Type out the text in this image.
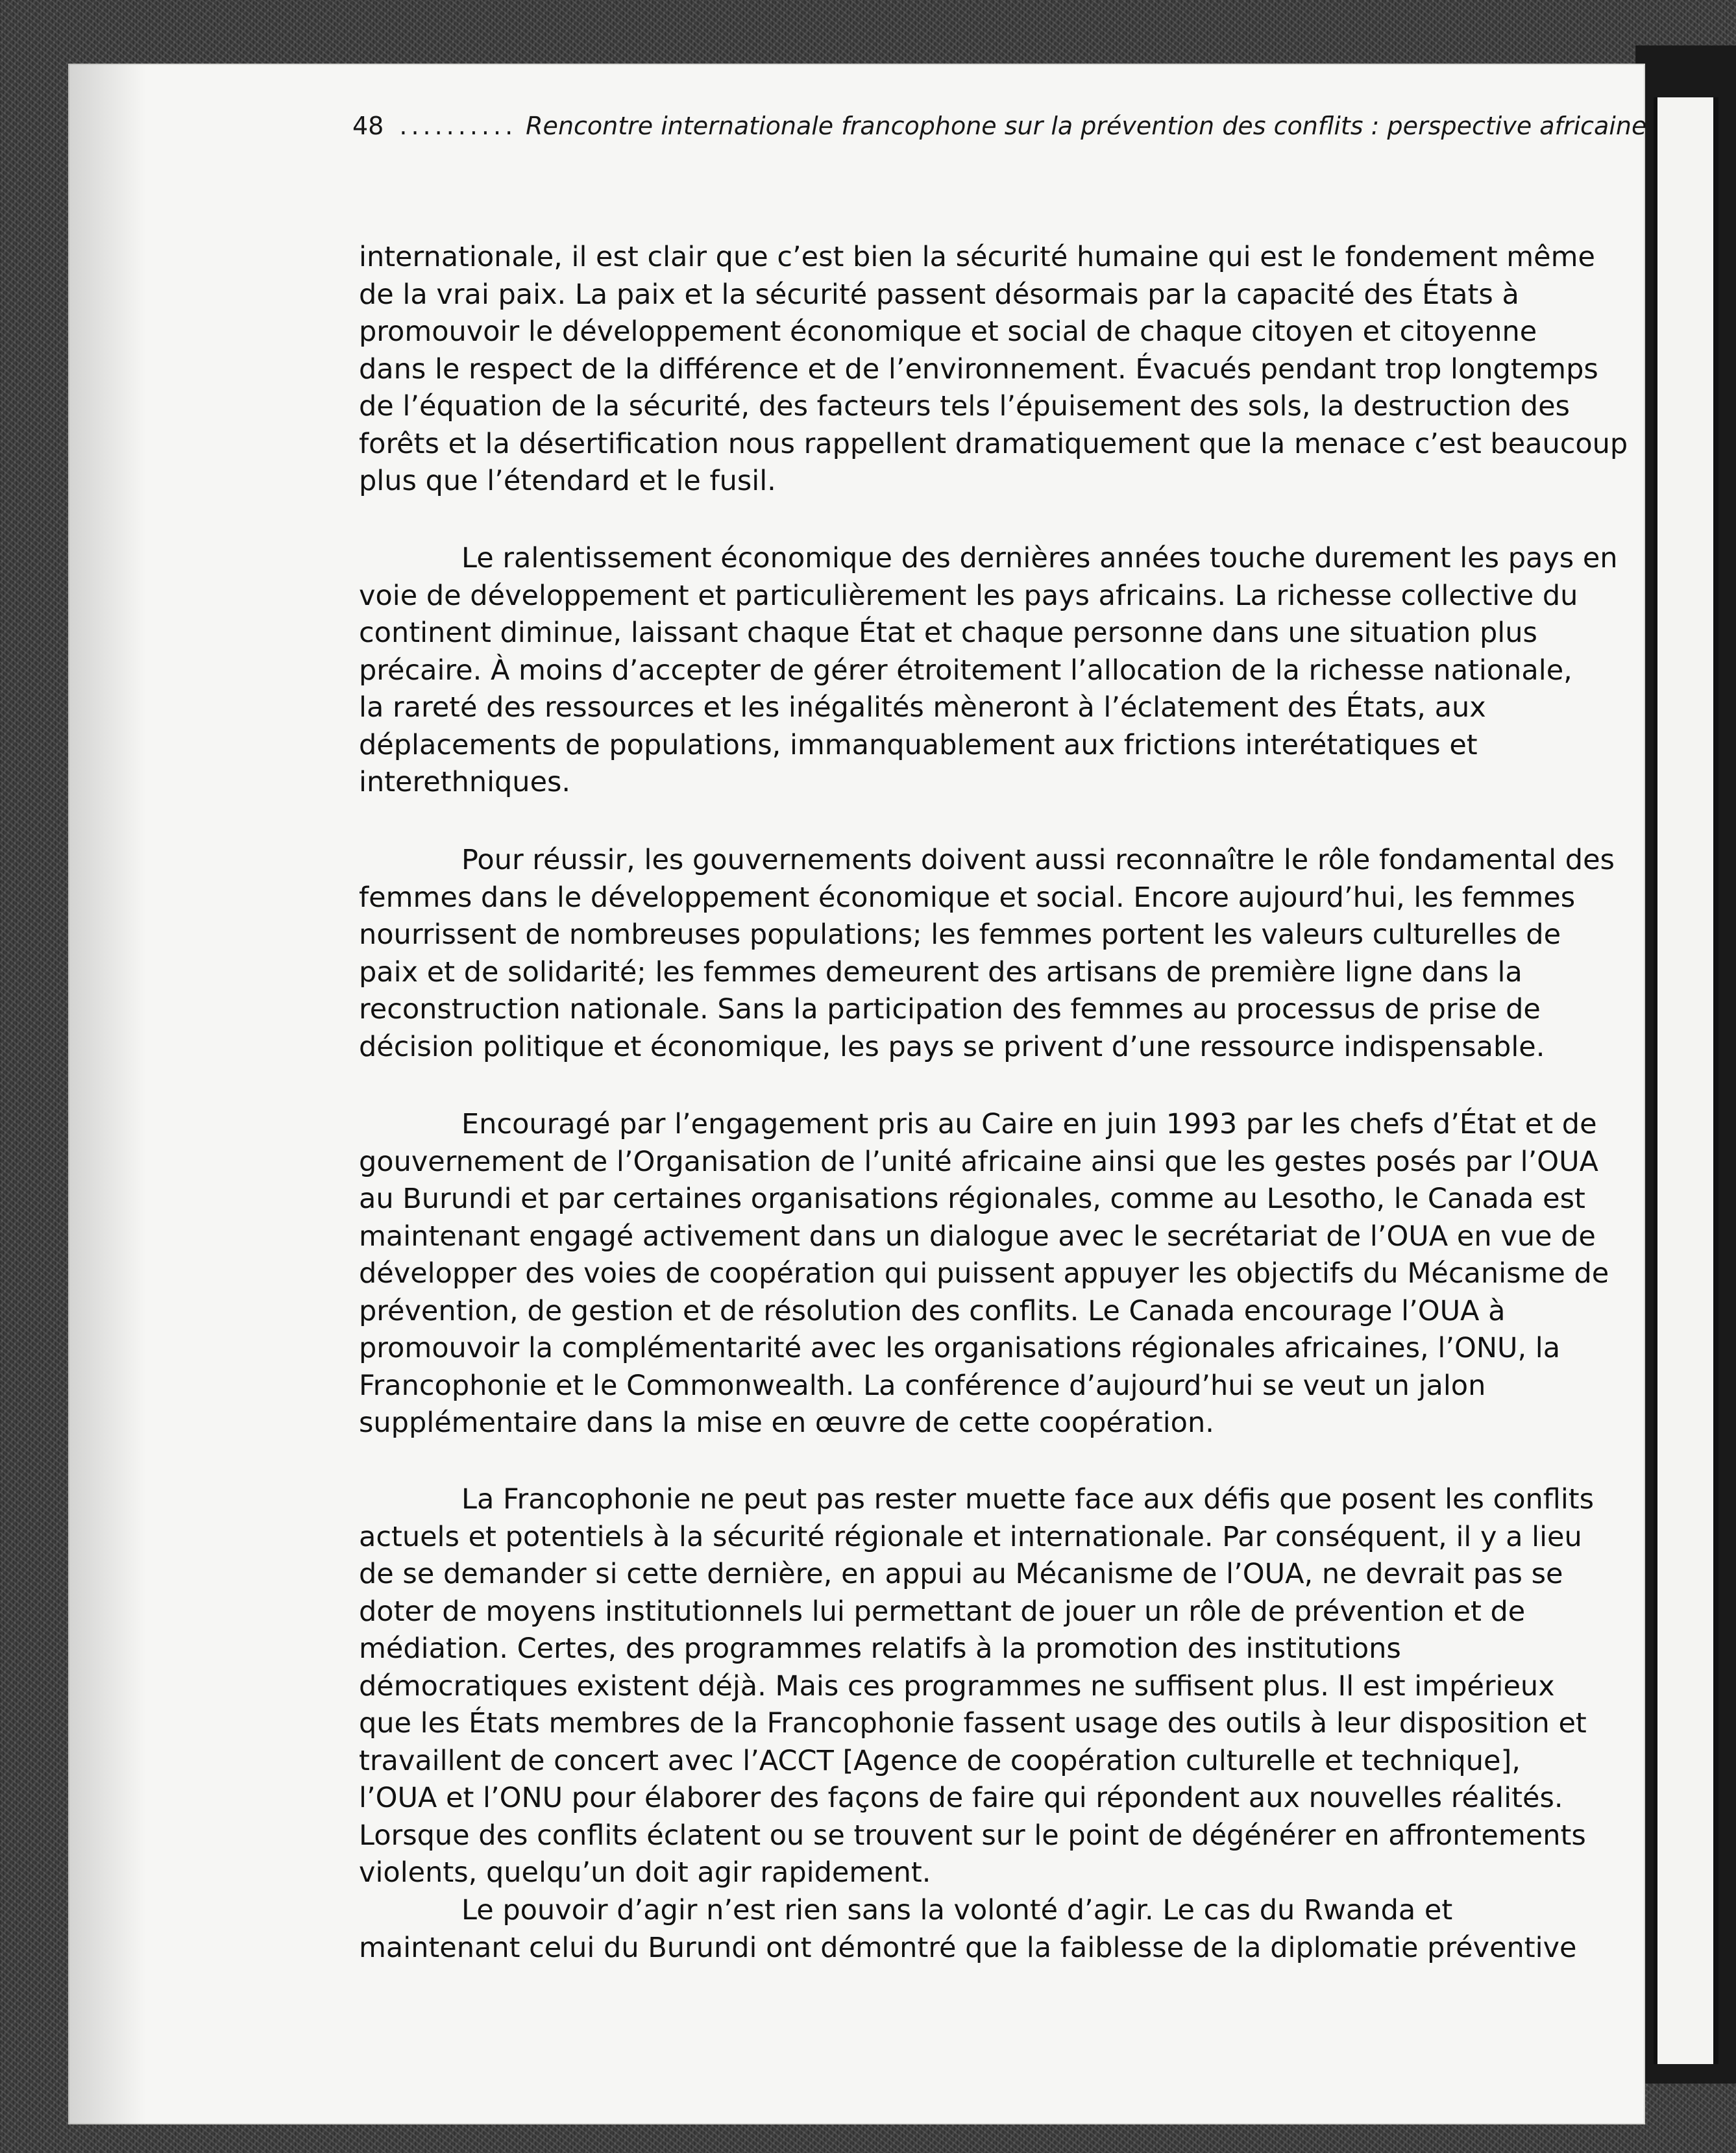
48 .......... Rencontre internationale francophone sur la prévention des conflits : perspective africaine
internationale, il est clair que c’est bien la sécurité humaine qui est le fondement même
de la vrai paix. La paix et la sécurité passent désormais par la capacité des États à
promouvoir le développement économique et social de chaque citoyen et citoyenne
dans le respect de la différence et de l’environnement. Évacués pendant trop longtemps
de l’équation de la sécurité, des facteurs tels l’épuisement des sols, la destruction des
forêts et la désertification nous rappellent dramatiquement que la menace c’est beaucoup
plus que l’étendard et le fusil.
Le ralentissement économique des dernières années touche durement les pays en
voie de développement et particulièrement les pays africains. La richesse collective du
continent diminue, laissant chaque État et chaque personne dans une situation plus
précaire. À moins d’accepter de gérer étroitement l’allocation de la richesse nationale,
la rareté des ressources et les inégalités mèneront à l’éclatement des États, aux
déplacements de populations, immanquablement aux frictions interétatiques et
interethniques.
Pour réussir, les gouvernements doivent aussi reconnaître le rôle fondamental des
femmes dans le développement économique et social. Encore aujourd’hui, les femmes
nourrissent de nombreuses populations; les femmes portent les valeurs culturelles de
paix et de solidarité; les femmes demeurent des artisans de première ligne dans la
reconstruction nationale. Sans la participation des femmes au processus de prise de
décision politique et économique, les pays se privent d’une ressource indispensable.
Encouragé par l’engagement pris au Caire en juin 1993 par les chefs d’État et de
gouvernement de l’Organisation de l’unité africaine ainsi que les gestes posés par l’OUA
au Burundi et par certaines organisations régionales, comme au Lesotho, le Canada est
maintenant engagé activement dans un dialogue avec le secrétariat de l’OUA en vue de
développer des voies de coopération qui puissent appuyer les objectifs du Mécanisme de
prévention, de gestion et de résolution des conflits. Le Canada encourage l’OUA à
promouvoir la complémentarité avec les organisations régionales africaines, l’ONU, la
Francophonie et le Commonwealth. La conférence d’aujourd’hui se veut un jalon
supplémentaire dans la mise en œuvre de cette coopération.
La Francophonie ne peut pas rester muette face aux défis que posent les conflits
actuels et potentiels à la sécurité régionale et internationale. Par conséquent, il y a lieu
de se demander si cette dernière, en appui au Mécanisme de l’OUA, ne devrait pas se
doter de moyens institutionnels lui permettant de jouer un rôle de prévention et de
médiation. Certes, des programmes relatifs à la promotion des institutions
démocratiques existent déjà. Mais ces programmes ne suffisent plus. Il est impérieux
que les États membres de la Francophonie fassent usage des outils à leur disposition et
travaillent de concert avec l’ACCT [Agence de coopération culturelle et technique],
l’OUA et l’ONU pour élaborer des façons de faire qui répondent aux nouvelles réalités.
Lorsque des conflits éclatent ou se trouvent sur le point de dégénérer en affrontements
violents, quelqu’un doit agir rapidement.
Le pouvoir d’agir n’est rien sans la volonté d’agir. Le cas du Rwanda et
maintenant celui du Burundi ont démontré que la faiblesse de la diplomatie préventive
